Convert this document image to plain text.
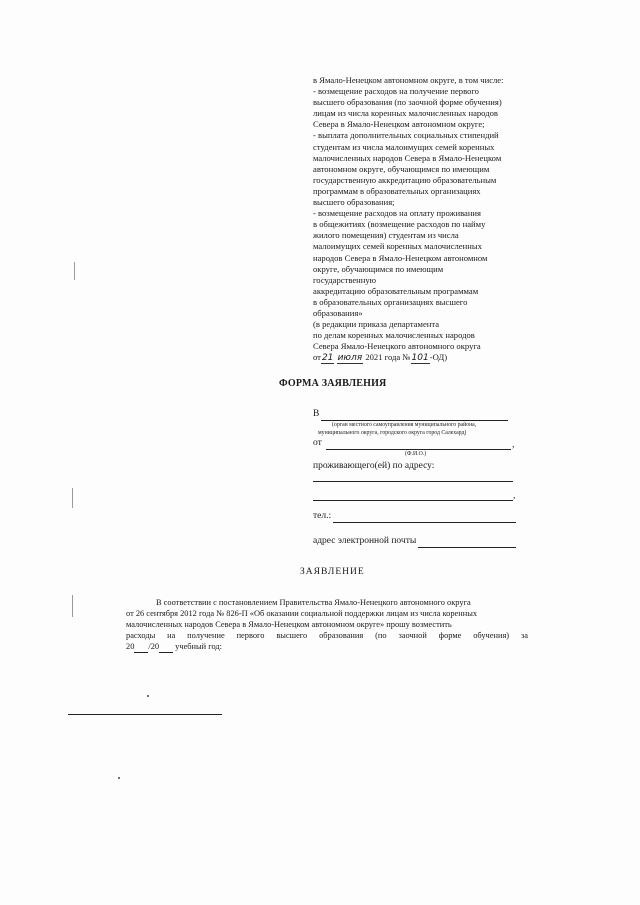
в Ямало-Ненецком автономном округе, в том числе:
- возмещение расходов на получение первого
высшего образования (по заочной форме обучения)
лицам из числа коренных малочисленных народов
Севера в Ямало-Ненецком автономном округе;
- выплата дополнительных социальных стипендий
студентам из числа малоимущих семей коренных
малочисленных народов Севера в Ямало-Ненецком
автономном округе, обучающимся по имеющим
государственную аккредитацию образовательным
программам в образовательных организациях
высшего образования;
- возмещение расходов на оплату проживания
в общежитиях (возмещение расходов по найму
жилого помещения) студентам из числа
малоимущих семей коренных малочисленных
народов Севера в Ямало-Ненецком автономном
округе, обучающимся по имеющим
государственную
аккредитацию образовательным программам
в образовательных организациях высшего
образования»
(в редакции приказа департамента
по делам коренных малочисленных народов
Севера Ямало-Ненецкого автономного округа
от21 июля 2021 года №101-ОД)
ФОРМА ЗАЯВЛЕНИЯ
В
(орган местного самоуправления муниципального района,
муниципального округа, городского округа город Салехард)
от	,
(Ф.И.О.)
проживающего(ей) по адресу:
,
тел.:
адрес электронной почты
ЗАЯВЛЕНИЕ

В соответствии с постановлением Правительства Ямало-Ненецкого автономного округа

от 26 сентября 2012 года № 826-П «Об оказании социальной поддержки лицам из числа коренных

малочисленных народов Севера в Ямало-Ненецком автономном округе» прошу возместить

расходы на получение первого высшего образования (по заочной форме обучения) за

20 /20 учебный год:
